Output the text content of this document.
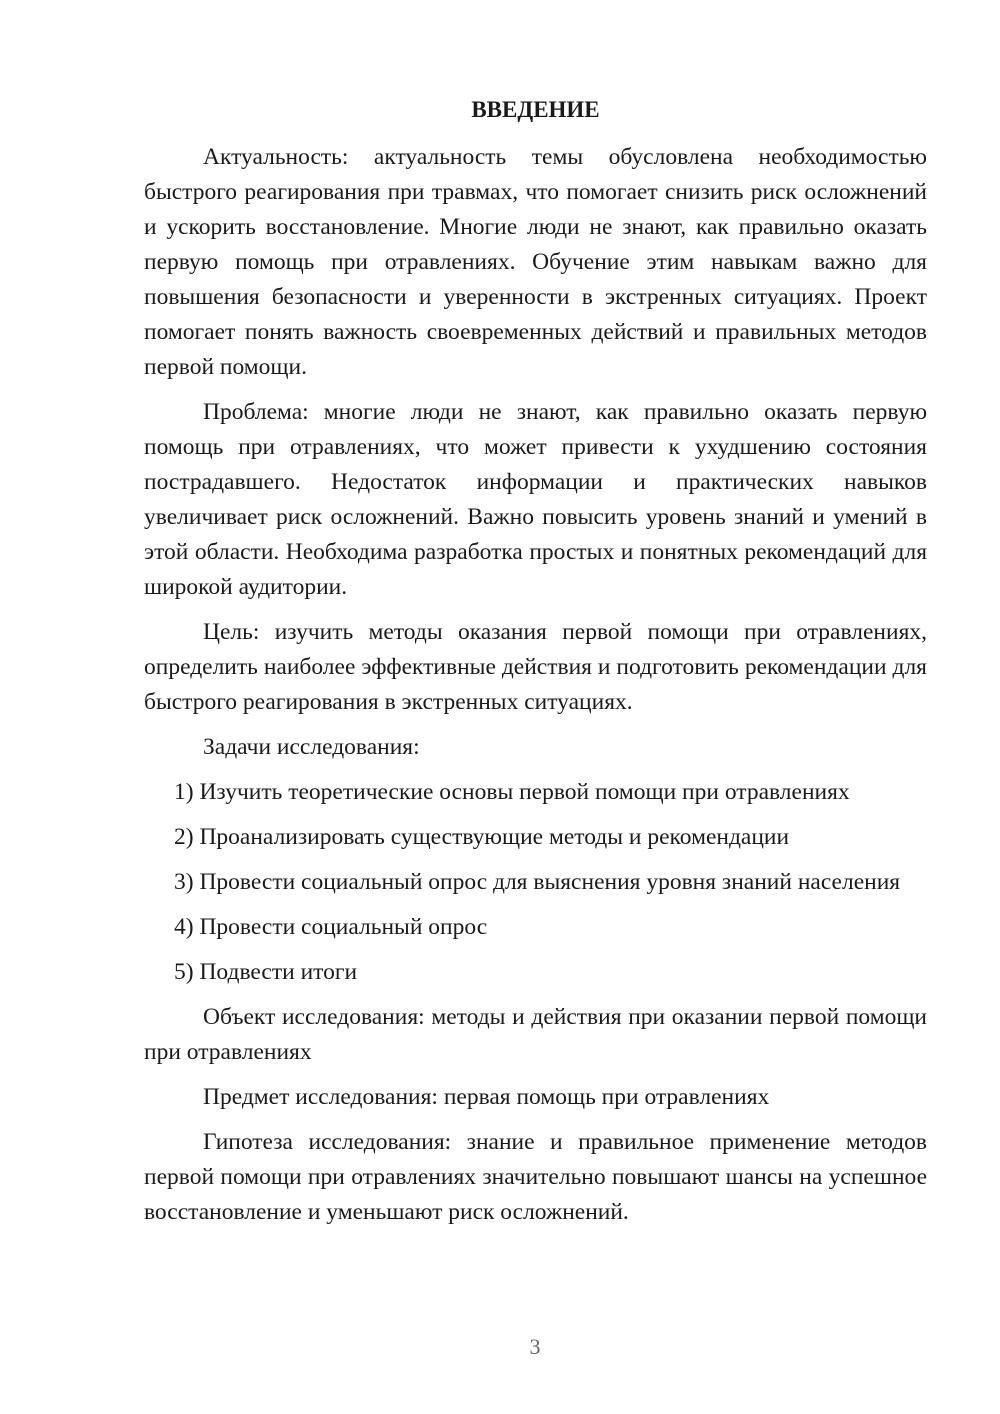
ВВЕДЕНИЕ

Актуальность: актуальность темы обусловлена необходимостью быстрого реагирования при травмах, что помогает снизить риск осложнений и ускорить восстановление. Многие люди не знают, как правильно оказать первую помощь при отравлениях. Обучение этим навыкам важно для повышения безопасности и уверенности в экстренных ситуациях. Проект помогает понять важность своевременных действий и правильных методов первой помощи.

Проблема: многие люди не знают, как правильно оказать первую помощь при отравлениях, что может привести к ухудшению состояния пострадавшего. Недостаток информации и практических навыков увеличивает риск осложнений. Важно повысить уровень знаний и умений в этой области. Необходима разработка простых и понятных рекомендаций для широкой аудитории.

Цель: изучить методы оказания первой помощи при отравлениях, определить наиболее эффективные действия и подготовить рекомендации для быстрого реагирования в экстренных ситуациях.

Задачи исследования:

1) Изучить теоретические основы первой помощи при отравлениях

2) Проанализировать существующие методы и рекомендации

3) Провести социальный опрос для выяснения уровня знаний населения

4) Провести социальный опрос

5) Подвести итоги

Объект исследования: методы и действия при оказании первой помощи при отравлениях

Предмет исследования: первая помощь при отравлениях

Гипотеза исследования: знание и правильное применение методов первой помощи при отравлениях значительно повышают шансы на успешное восстановление и уменьшают риск осложнений.

3
